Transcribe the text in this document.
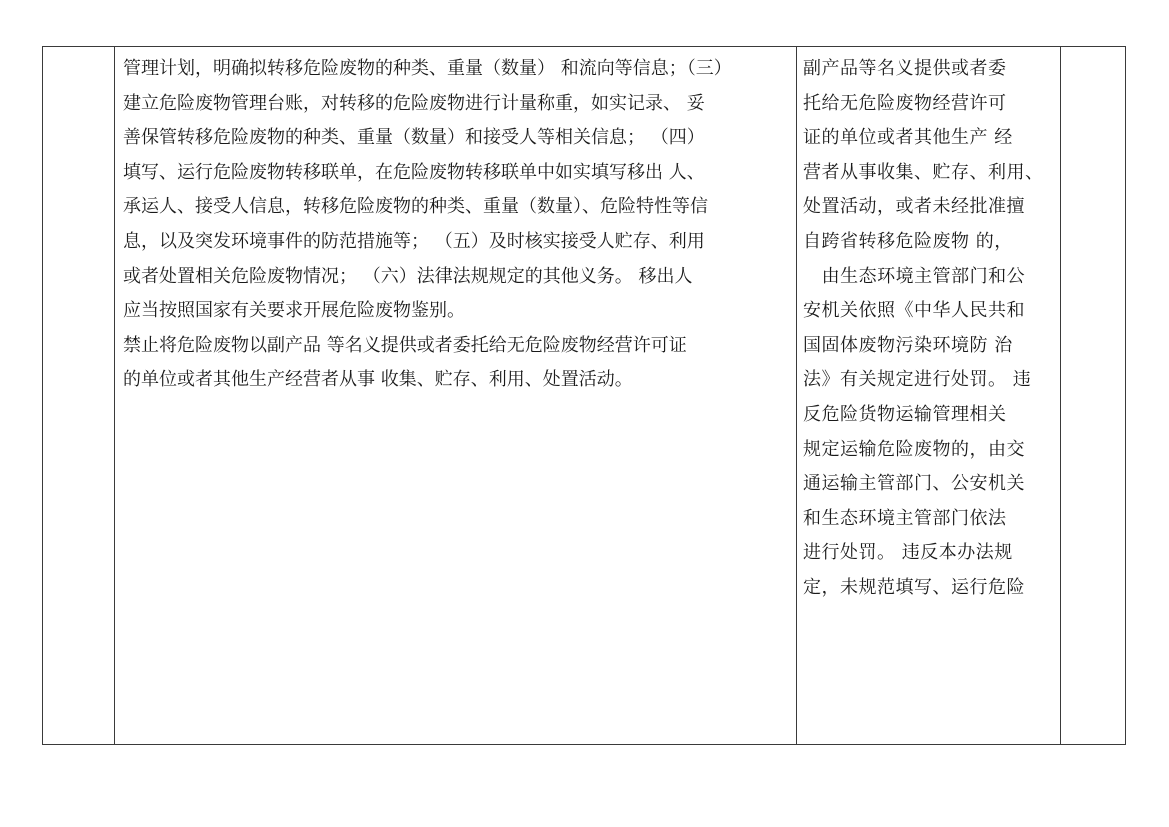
管理计划，明确拟转移危险废物的种类、重量（数量） 和流向等信息；（三）
建立危险废物管理台账，对转移的危险废物进行计量称重，如实记录、 妥
善保管转移危险废物的种类、重量（数量）和接受人等相关信息； （四）
填写、运行危险废物转移联单，在危险废物转移联单中如实填写移出 人、
承运人、接受人信息，转移危险废物的种类、重量（数量）、危险特性等信
息，以及突发环境事件的防范措施等； （五）及时核实接受人贮存、利用
或者处置相关危险废物情况； （六）法律法规规定的其他义务。 移出人
应当按照国家有关要求开展危险废物鉴别。
禁止将危险废物以副产品 等名义提供或者委托给无危险废物经营许可证
的单位或者其他生产经营者从事 收集、贮存、利用、处置活动。
副产品等名义提供或者委
托给无危险废物经营许可
证的单位或者其他生产 经
营者从事收集、贮存、利用、
处置活动，或者未经批准擅
自跨省转移危险废物 的，
由生态环境主管部门和公
安机关依照《中华人民共和
国固体废物污染环境防 治
法》有关规定进行处罚。 违
反危险货物运输管理相关
规定运输危险废物的，由交
通运输主管部门、公安机关
和生态环境主管部门依法
进行处罚。 违反本办法规
定，未规范填写、运行危险
